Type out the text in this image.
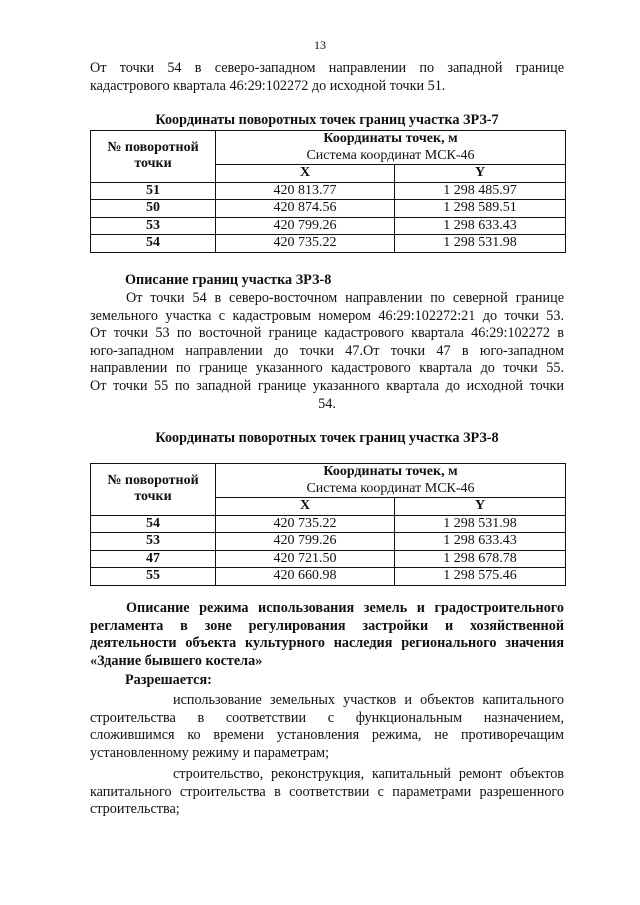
13
От точки 54 в северо-западном направлении по западной границе
кадастрового квартала 46:29:102272 до исходной точки 51.
Координаты поворотных точек границ участка ЗРЗ-7
№ поворотной точки	Координаты точек, м
Система координат МСК-46	

	X	Y
51	420 813.77	1 298 485.97
50	420 874.56	1 298 589.51
53	420 799.26	1 298 633.43
54	420 735.22	1 298 531.98
Описание границ участка ЗРЗ-8
От точки 54 в северо-восточном направлении по северной границе
земельного участка с кадастровым номером 46:29:102272:21 до точки 53.
От точки 53 по восточной границе кадастрового квартала 46:29:102272 в
юго-западном направлении до точки 47.От точки 47 в юго-западном
направлении по границе указанного кадастрового квартала до точки 55.
От точки 55 по западной границе указанного квартала до исходной точки
54.
Координаты поворотных точек границ участка ЗРЗ-8
№ поворотной точки	Координаты точек, м
Система координат МСК-46	

	X	Y
54	420 735.22	1 298 531.98
53	420 799.26	1 298 633.43
47	420 721.50	1 298 678.78
55	420 660.98	1 298 575.46
Описание режима использования земель и градостроительного
регламента в зоне регулирования застройки и хозяйственной
деятельности объекта культурного наследия регионального значения
«Здание бывшего костела»
Разрешается:
использование земельных участков и объектов капитального
строительства в соответствии с функциональным назначением,
сложившимся ко времени установления режима, не противоречащим
установленному режиму и параметрам;
строительство, реконструкция, капитальный ремонт объектов
капитального строительства в соответствии с параметрами разрешенного
строительства;
